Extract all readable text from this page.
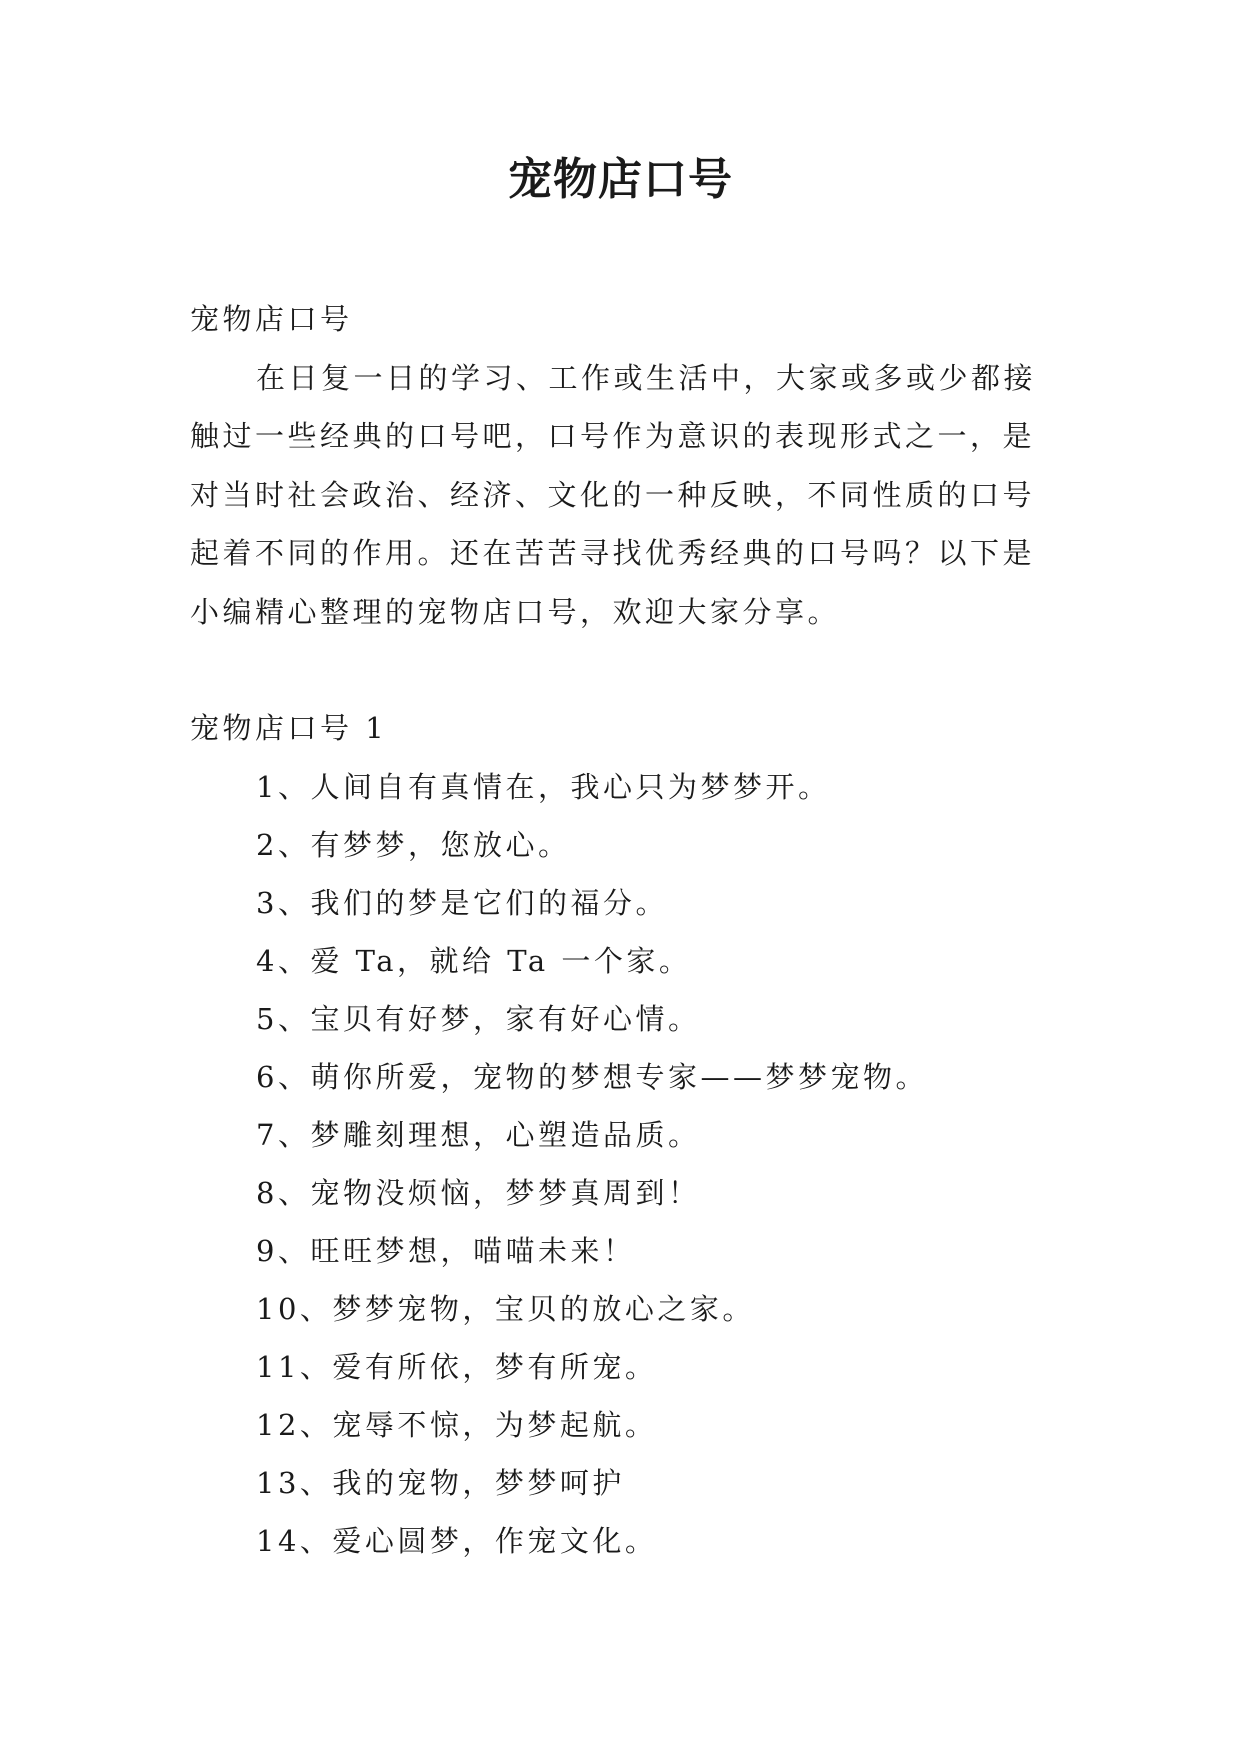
宠物店口号

宠物店口号

在日复一日的学习、工作或生活中，大家或多或少都接

触过一些经典的口号吧，口号作为意识的表现形式之一，是

对当时社会政治、经济、文化的一种反映，不同性质的口号

起着不同的作用。还在苦苦寻找优秀经典的口号吗？以下是

小编精心整理的宠物店口号，欢迎大家分享。

宠物店口号 1

1、人间自有真情在，我心只为梦梦开。

2、有梦梦，您放心。

3、我们的梦是它们的福分。

4、爱 Ta，就给 Ta 一个家。

5、宝贝有好梦，家有好心情。

6、萌你所爱，宠物的梦想专家——梦梦宠物。

7、梦雕刻理想，心塑造品质。

8、宠物没烦恼，梦梦真周到！

9、旺旺梦想，喵喵未来！

10、梦梦宠物，宝贝的放心之家。

11、爱有所依，梦有所宠。

12、宠辱不惊，为梦起航。

13、我的宠物，梦梦呵护

14、爱心圆梦，作宠文化。
